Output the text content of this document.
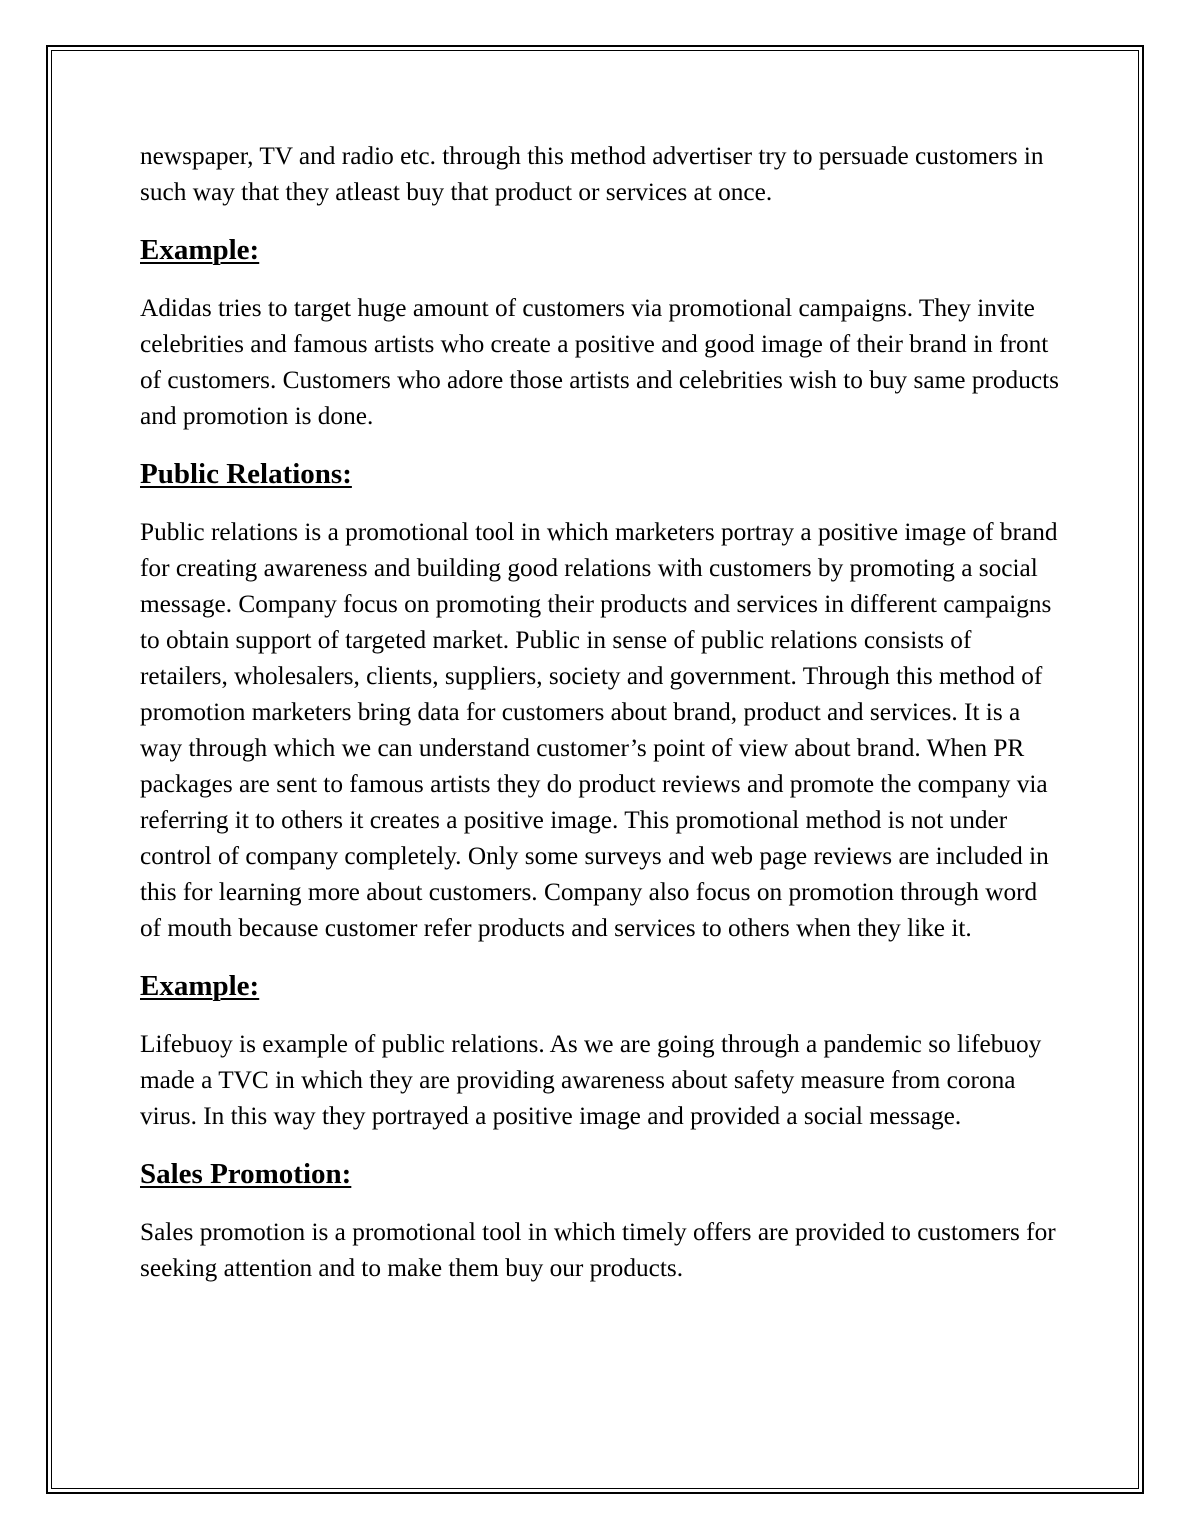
newspaper, TV and radio etc. through this method advertiser try to persuade customers in such way that they atleast buy that product or services at once.

Example:

Adidas tries to target huge amount of customers via promotional campaigns. They invite celebrities and famous artists who create a positive and good image of their brand in front of customers. Customers who adore those artists and celebrities wish to buy same products and promotion is done.

Public Relations:

Public relations is a promotional tool in which marketers portray a positive image of brand for creating awareness and building good relations with customers by promoting a social message. Company focus on promoting their products and services in different campaigns to obtain support of targeted market. Public in sense of public relations consists of retailers, wholesalers, clients, suppliers, society and government. Through this method of promotion marketers bring data for customers about brand, product and services. It is a way through which we can understand customer’s point of view about brand. When PR packages are sent to famous artists they do product reviews and promote the company via referring it to others it creates a positive image. This promotional method is not under control of company completely. Only some surveys and web page reviews are included in this for learning more about customers. Company also focus on promotion through word of mouth because customer refer products and services to others when they like it.

Example:

Lifebuoy is example of public relations. As we are going through a pandemic so lifebuoy made a TVC in which they are providing awareness about safety measure from corona virus. In this way they portrayed a positive image and provided a social message.

Sales Promotion:

Sales promotion is a promotional tool in which timely offers are provided to customers for seeking attention and to make them buy our products.
